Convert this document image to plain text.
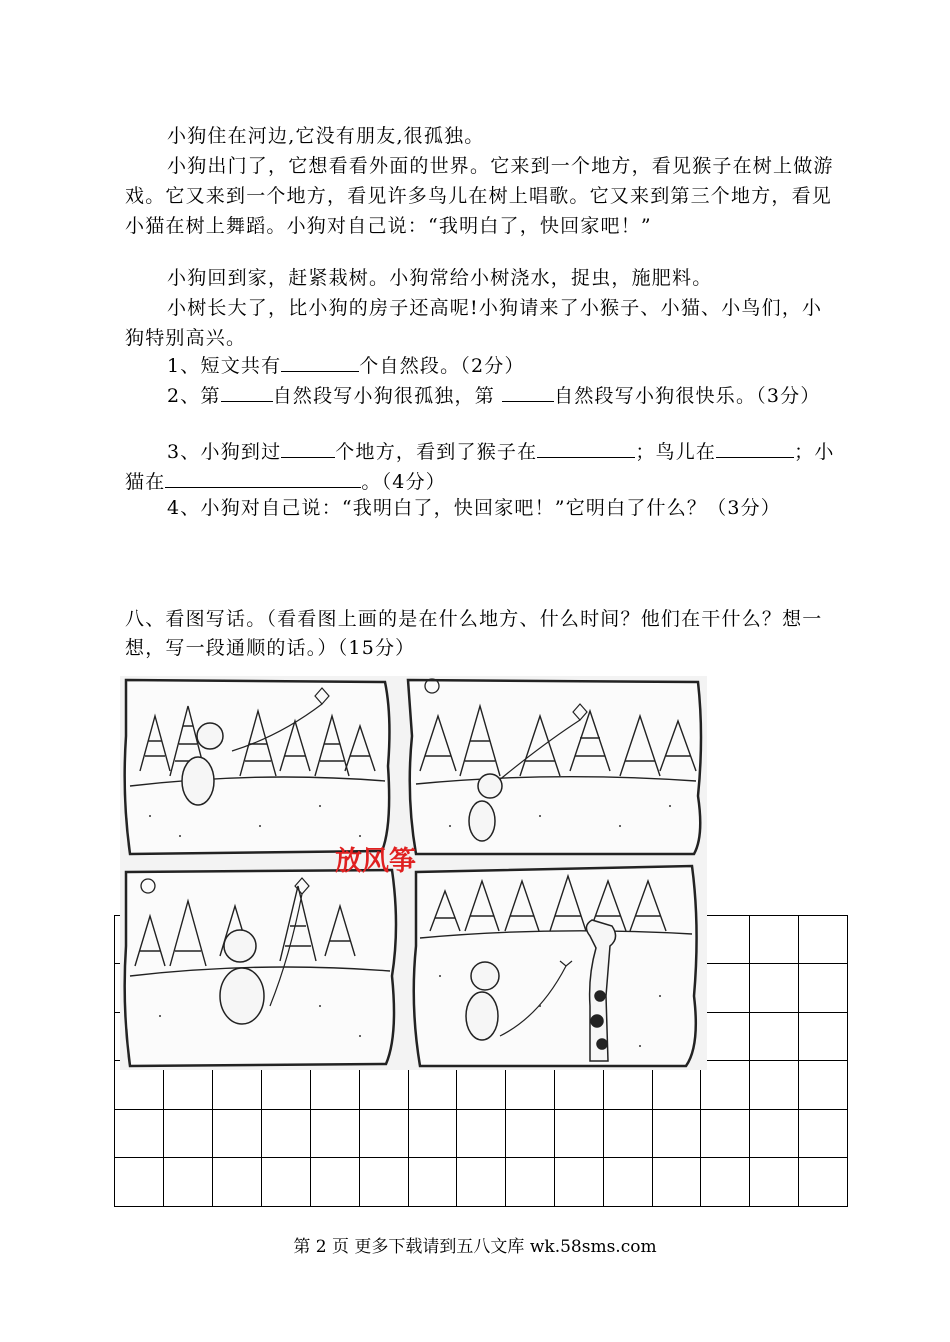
小狗住在河边,它没有朋友,很孤独。

小狗出门了，它想看看外面的世界。它来到一个地方，看见猴子在树上做游戏。它又来到一个地方，看见许多鸟儿在树上唱歌。它又来到第三个地方，看见小猫在树上舞蹈。小狗对自己说：“我明白了，快回家吧！”

小狗回到家，赶紧栽树。小狗常给小树浇水，捉虫，施肥料。

小树长大了，比小狗的房子还高呢!小狗请来了小猴子、小猫、小鸟们，小狗特别高兴。

1、短文共有	个自然段。（2分）
2、第	自然段写小狗很孤独，第	自然段写小狗很快乐。（3分）
3、小狗到过	个地方，看到了猴子在	；鸟儿在	；小猫在	。（4分）

4、小狗对自己说：“我明白了，快回家吧！”它明白了什么？（3分）

八、看图写话。（看看图上画的是在什么地方、什么时间？他们在干什么？想一想，写一段通顺的话。）（15分）
放风筝
第 2 页 更多下载请到五八文库 wk.58sms.com
